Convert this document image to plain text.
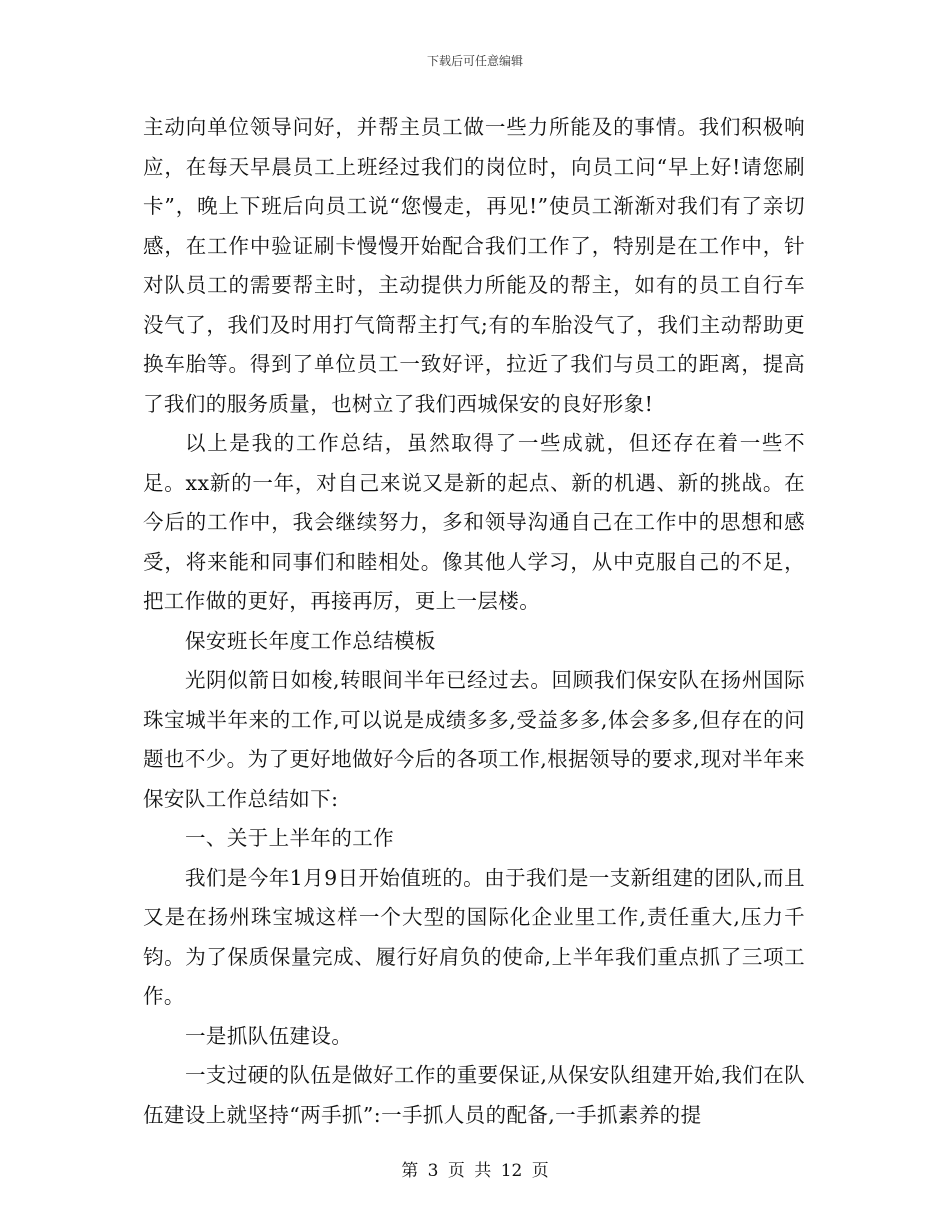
下载后可任意编辑

主动向单位领导问好，并帮主员工做一些力所能及的事情。我们积极响应，在每天早晨员工上班经过我们的岗位时，向员工问“早上好!请您刷卡”，晚上下班后向员工说“您慢走，再见!”使员工渐渐对我们有了亲切感，在工作中验证刷卡慢慢开始配合我们工作了，特别是在工作中，针对队员工的需要帮主时，主动提供力所能及的帮主，如有的员工自行车没气了，我们及时用打气筒帮主打气;有的车胎没气了，我们主动帮助更换车胎等。得到了单位员工一致好评，拉近了我们与员工的距离，提高了我们的服务质量，也树立了我们西城保安的良好形象!

以上是我的工作总结，虽然取得了一些成就，但还存在着一些不足。xx新的一年，对自己来说又是新的起点、新的机遇、新的挑战。在今后的工作中，我会继续努力，多和领导沟通自己在工作中的思想和感受，将来能和同事们和睦相处。像其他人学习，从中克服自己的不足，把工作做的更好，再接再厉，更上一层楼。

保安班长年度工作总结模板

光阴似箭日如梭,转眼间半年已经过去。回顾我们保安队在扬州国际珠宝城半年来的工作,可以说是成绩多多,受益多多,体会多多,但存在的问题也不少。为了更好地做好今后的各项工作,根据领导的要求,现对半年来保安队工作总结如下:

一、关于上半年的工作

我们是今年1月9日开始值班的。由于我们是一支新组建的团队,而且又是在扬州珠宝城这样一个大型的国际化企业里工作,责任重大,压力千钧。为了保质保量完成、履行好肩负的使命,上半年我们重点抓了三项工作。

一是抓队伍建设。

一支过硬的队伍是做好工作的重要保证,从保安队组建开始,我们在队伍建设上就坚持“两手抓”:一手抓人员的配备,一手抓素养的提

第 3 页 共 12 页
